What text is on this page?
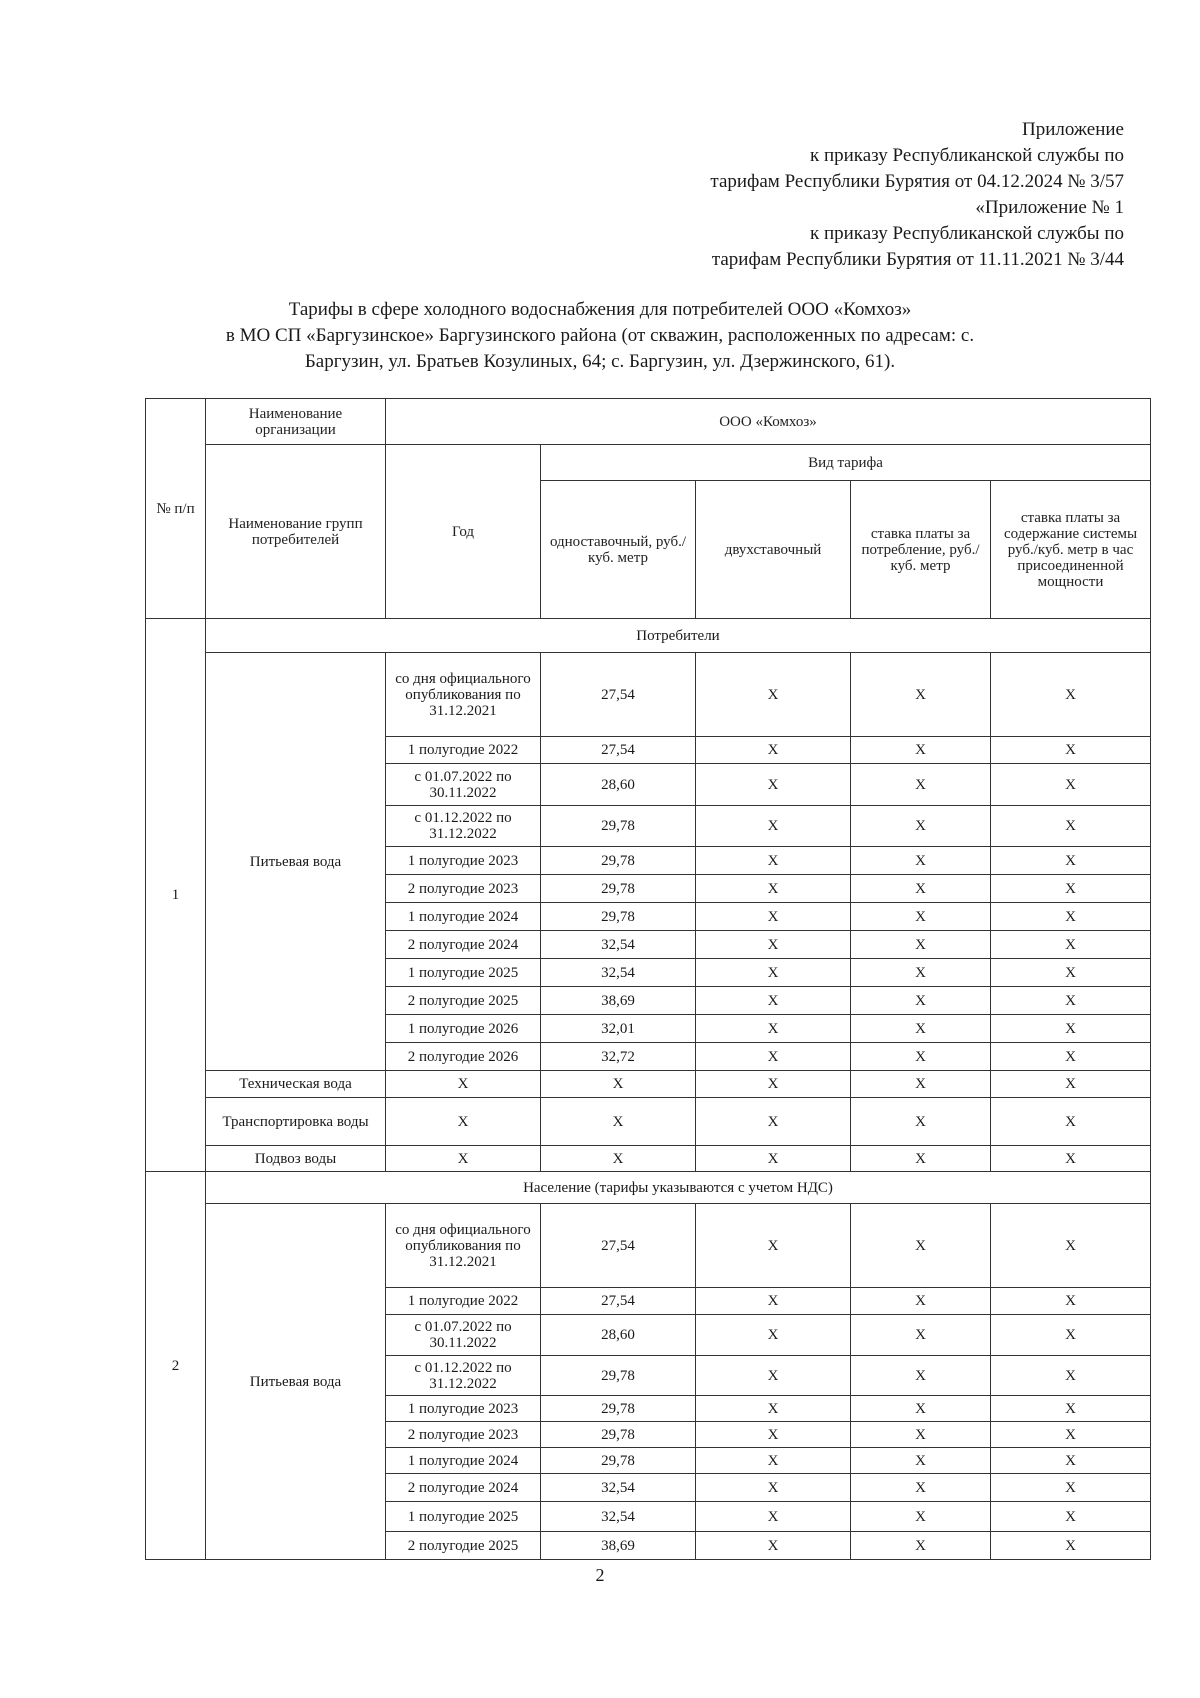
Приложение
к приказу Республиканской службы по
тарифам Республики Бурятия от 04.12.2024 № 3/57
«Приложение № 1
к приказу Республиканской службы по
тарифам Республики Бурятия от 11.11.2021 № 3/44
Тарифы в сфере холодного водоснабжения для потребителей ООО «Комхоз»
в МО СП «Баргузинское» Баргузинского района (от скважин, расположенных по адресам: с.
Баргузин, ул. Братьев Козулиных, 64; с. Баргузин, ул. Дзержинского, 61).
№ п/п	Наименование организации	ООО «Комхоз»				
	Наименование групп потребителей	Год	Вид тарифа			
			одноставочный, руб./ куб. метр	двухставочный	ставка платы за потребление, руб./ куб. метр	ставка платы за содержание системы руб./куб. метр в час присоединенной мощности
1	Потребители					
	Питьевая вода	со дня официального опубликования по 31.12.2021	27,54	X	X	X
		1 полугодие 2022	27,54	X	X	X
		с 01.07.2022 по 30.11.2022	28,60	X	X	X
		с 01.12.2022 по 31.12.2022	29,78	X	X	X
		1 полугодие 2023	29,78	X	X	X
		2 полугодие 2023	29,78	X	X	X
		1 полугодие 2024	29,78	X	X	X
		2 полугодие 2024	32,54	X	X	X
		1 полугодие 2025	32,54	X	X	X
		2 полугодие 2025	38,69	X	X	X
		1 полугодие 2026	32,01	X	X	X
		2 полугодие 2026	32,72	X	X	X
	Техническая вода	X	X	X	X	X
	Транспортировка воды	X	X	X	X	X
	Подвоз воды	X	X	X	X	X
2	Население (тарифы указываются с учетом НДС)					
	Питьевая вода	со дня официального опубликования по 31.12.2021	27,54	X	X	X
		1 полугодие 2022	27,54	X	X	X
		с 01.07.2022 по 30.11.2022	28,60	X	X	X
		с 01.12.2022 по 31.12.2022	29,78	X	X	X
		1 полугодие 2023	29,78	X	X	X
		2 полугодие 2023	29,78	X	X	X
		1 полугодие 2024	29,78	X	X	X
		2 полугодие 2024	32,54	X	X	X
		1 полугодие 2025	32,54	X	X	X
		2 полугодие 2025	38,69	X	X	X
2
